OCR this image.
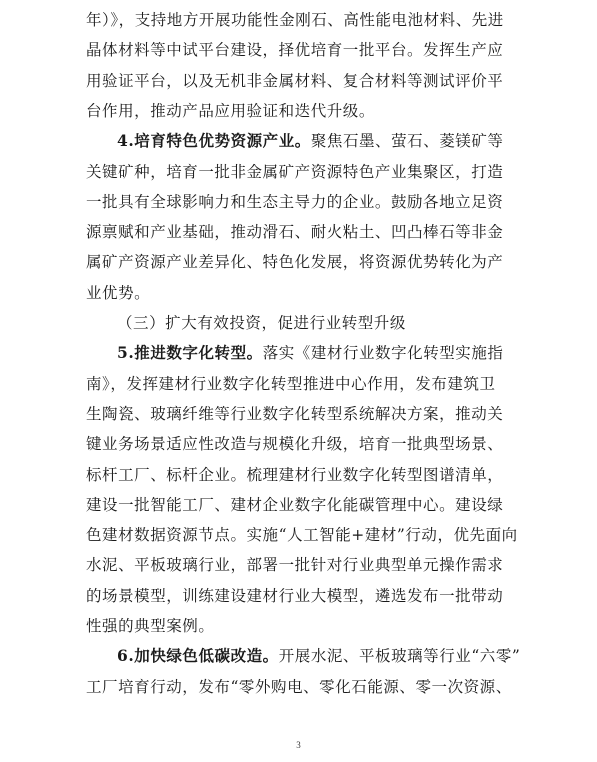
年）》，支持地方开展功能性金刚石、高性能电池材料、先进
晶体材料等中试平台建设，择优培育一批平台。发挥生产应
用验证平台，以及无机非金属材料、复合材料等测试评价平
台作用，推动产品应用验证和迭代升级。
4.培育特色优势资源产业。聚焦石墨、萤石、菱镁矿等
关键矿种，培育一批非金属矿产资源特色产业集聚区，打造
一批具有全球影响力和生态主导力的企业。鼓励各地立足资
源禀赋和产业基础，推动滑石、耐火粘土、凹凸棒石等非金
属矿产资源产业差异化、特色化发展，将资源优势转化为产
业优势。
（三）扩大有效投资，促进行业转型升级
5.推进数字化转型。落实《建材行业数字化转型实施指
南》，发挥建材行业数字化转型推进中心作用，发布建筑卫
生陶瓷、玻璃纤维等行业数字化转型系统解决方案，推动关
键业务场景适应性改造与规模化升级，培育一批典型场景、
标杆工厂、标杆企业。梳理建材行业数字化转型图谱清单，
建设一批智能工厂、建材企业数字化能碳管理中心。建设绿
色建材数据资源节点。实施“人工智能+建材”行动，优先面向
水泥、平板玻璃行业，部署一批针对行业典型单元操作需求
的场景模型，训练建设建材行业大模型，遴选发布一批带动
性强的典型案例。
6.加快绿色低碳改造。开展水泥、平板玻璃等行业“六零”
工厂培育行动，发布“零外购电、零化石能源、零一次资源、
3
